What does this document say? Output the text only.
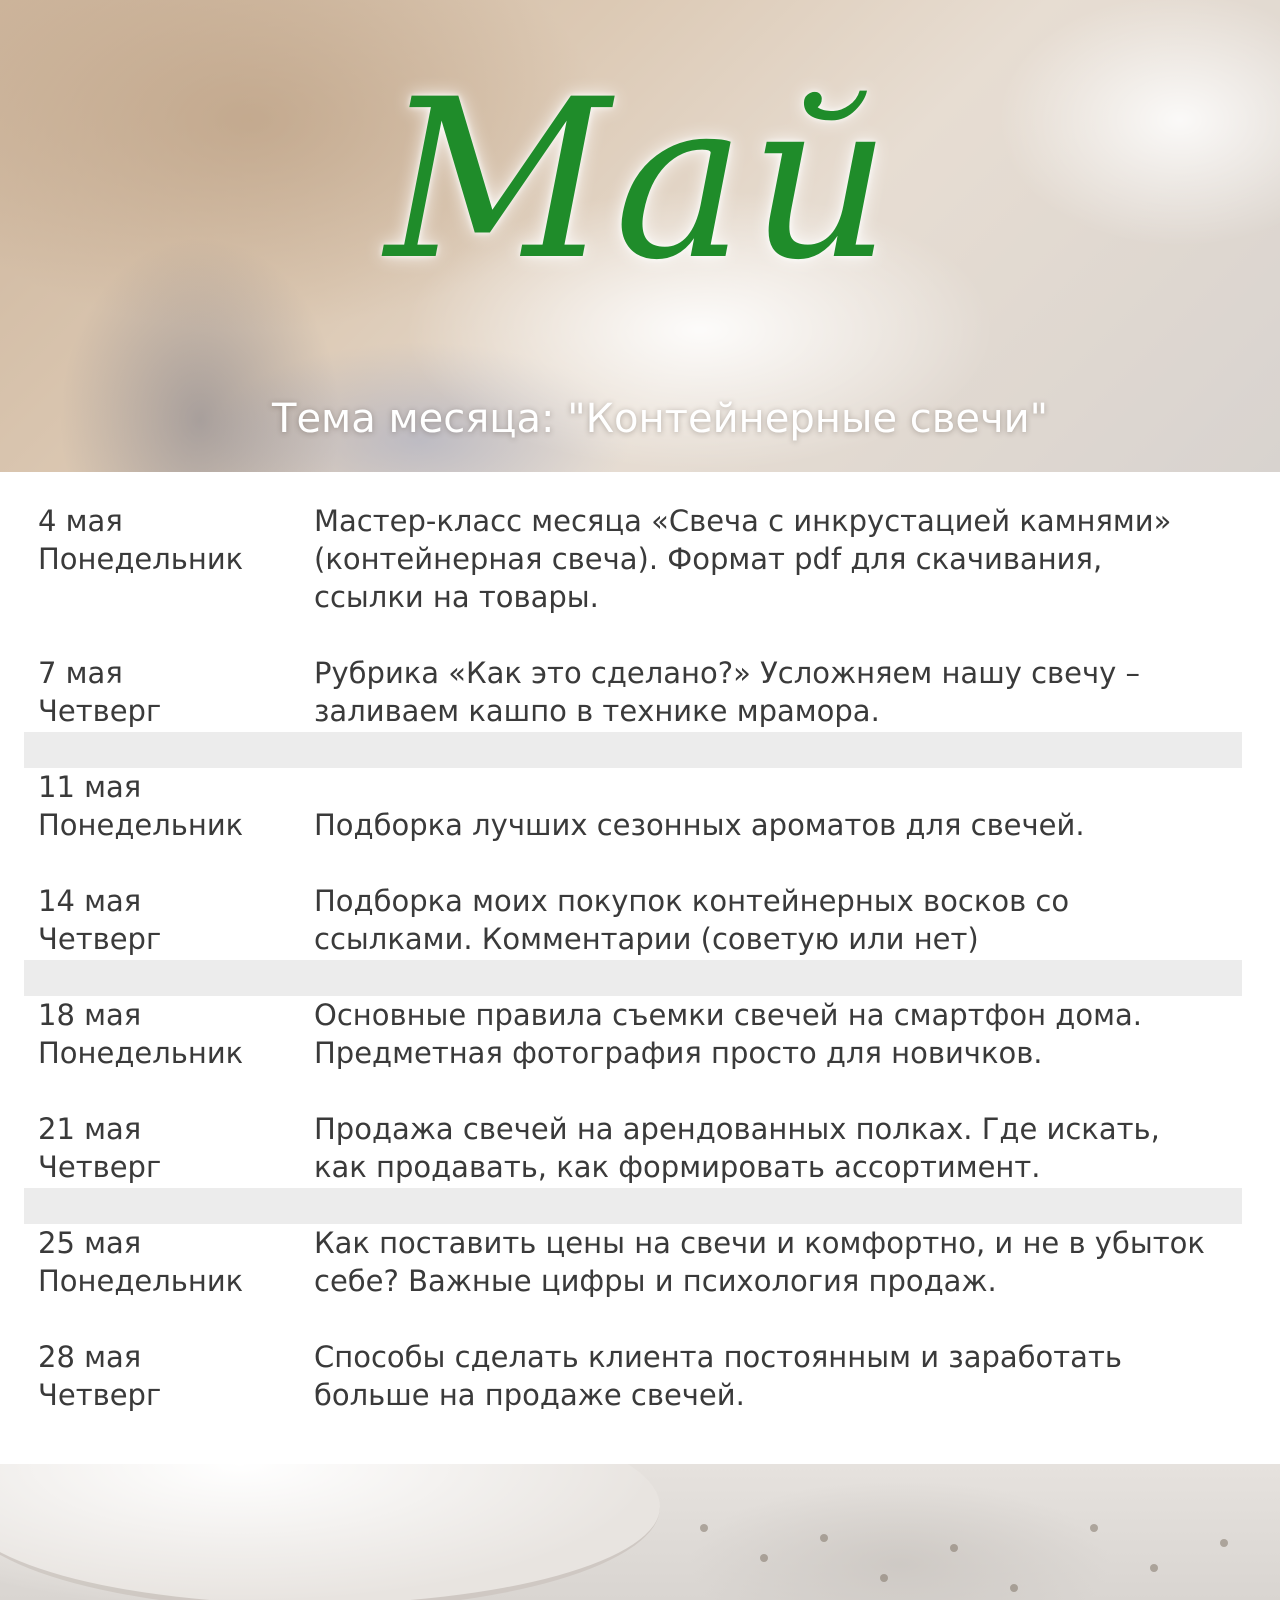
Май
Тема месяца: "Контейнерные свечи"
4 мая
Понедельник
Мастер-класс месяца «Свеча с инкрустацией камнями» (контейнерная свеча). Формат pdf для скачивания, ссылки на товары.
7 мая
Четверг
Рубрика «Как это сделано?» Усложняем нашу свечу – заливаем кашпо в технике мрамора.
11 мая
Понедельник	Подборка лучших сезонных ароматов для свечей.
14 мая
Четверг
Подборка моих покупок контейнерных восков со ссылками. Комментарии (советую или нет)
18 мая
Понедельник
Основные правила съемки свечей на смартфон дома. Предметная фотография просто для новичков.
21 мая
Четверг
Продажа свечей на арендованных полках. Где искать, как продавать, как формировать ассортимент.
25 мая
Понедельник
Как поставить цены на свечи и комфортно, и не в убыток себе? Важные цифры и психология продаж.
28 мая
Четверг
Способы сделать клиента постоянным и заработать больше на продаже свечей.
